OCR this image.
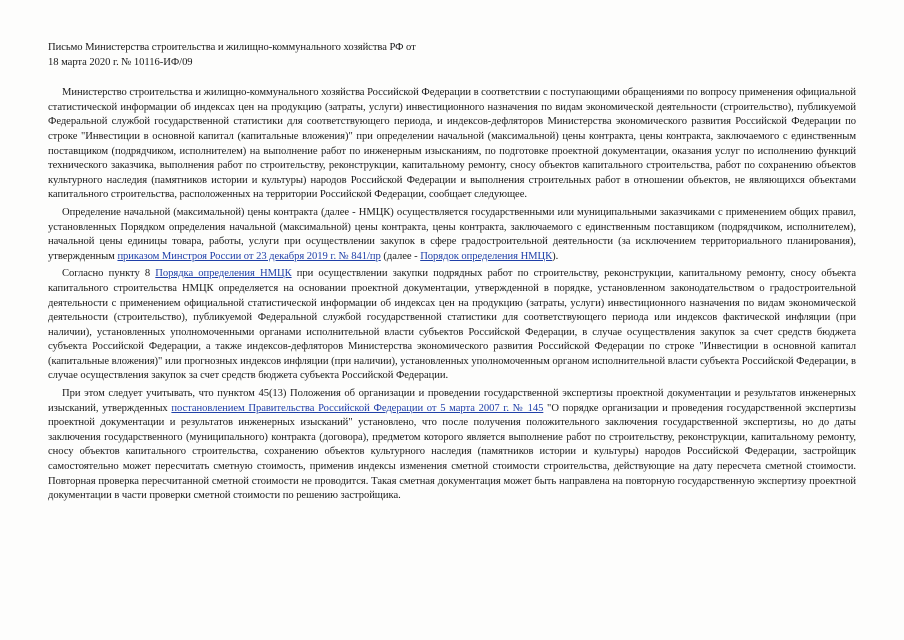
Письмо Министерства строительства и жилищно-коммунального хозяйства РФ от 18 марта 2020 г. № 10116-ИФ/09

Министерство строительства и жилищно-коммунального хозяйства Российской Федерации в соответствии с поступающими обращениями по вопросу применения официальной статистической информации об индексах цен на продукцию (затраты, услуги) инвестиционного назначения по видам экономической деятельности (строительство), публикуемой Федеральной службой государственной статистики для соответствующего периода, и индексов-дефляторов Министерства экономического развития Российской Федерации по строке "Инвестиции в основной капитал (капитальные вложения)" при определении начальной (максимальной) цены контракта, цены контракта, заключаемого с единственным поставщиком (подрядчиком, исполнителем) на выполнение работ по инженерным изысканиям, по подготовке проектной документации, оказания услуг по исполнению функций технического заказчика, выполнения работ по строительству, реконструкции, капитальному ремонту, сносу объектов капитального строительства, работ по сохранению объектов культурного наследия (памятников истории и культуры) народов Российской Федерации и выполнения строительных работ в отношении объектов, не являющихся объектами капитального строительства, расположенных на территории Российской Федерации, сообщает следующее.

Определение начальной (максимальной) цены контракта (далее - НМЦК) осуществляется государственными или муниципальными заказчиками с применением общих правил, установленных Порядком определения начальной (максимальной) цены контракта, цены контракта, заключаемого с единственным поставщиком (подрядчиком, исполнителем), начальной цены единицы товара, работы, услуги при осуществлении закупок в сфере градостроительной деятельности (за исключением территориального планирования), утвержденным приказом Минстроя России от 23 декабря 2019 г. № 841/пр (далее - Порядок определения НМЦК).

Согласно пункту 8 Порядка определения НМЦК при осуществлении закупки подрядных работ по строительству, реконструкции, капитальному ремонту, сносу объекта капитального строительства НМЦК определяется на основании проектной документации, утвержденной в порядке, установленном законодательством о градостроительной деятельности с применением официальной статистической информации об индексах цен на продукцию (затраты, услуги) инвестиционного назначения по видам экономической деятельности (строительство), публикуемой Федеральной службой государственной статистики для соответствующего периода или индексов фактической инфляции (при наличии), установленных уполномоченными органами исполнительной власти субъектов Российской Федерации, в случае осуществления закупок за счет средств бюджета субъекта Российской Федерации, а также индексов-дефляторов Министерства экономического развития Российской Федерации по строке "Инвестиции в основной капитал (капитальные вложения)" или прогнозных индексов инфляции (при наличии), установленных уполномоченным органом исполнительной власти субъекта Российской Федерации, в случае осуществления закупок за счет средств бюджета субъекта Российской Федерации.

При этом следует учитывать, что пунктом 45(13) Положения об организации и проведении государственной экспертизы проектной документации и результатов инженерных изысканий, утвержденных постановлением Правительства Российской Федерации от 5 марта 2007 г. № 145 "О порядке организации и проведения государственной экспертизы проектной документации и результатов инженерных изысканий" установлено, что после получения положительного заключения государственной экспертизы, но до даты заключения государственного (муниципального) контракта (договора), предметом которого является выполнение работ по строительству, реконструкции, капитальному ремонту, сносу объектов капитального строительства, сохранению объектов культурного наследия (памятников истории и культуры) народов Российской Федерации, застройщик самостоятельно может пересчитать сметную стоимость, применив индексы изменения сметной стоимости строительства, действующие на дату пересчета сметной стоимости. Повторная проверка пересчитанной сметной стоимости не проводится. Такая сметная документация может быть направлена на повторную государственную экспертизу проектной документации в части проверки сметной стоимости по решению застройщика.
